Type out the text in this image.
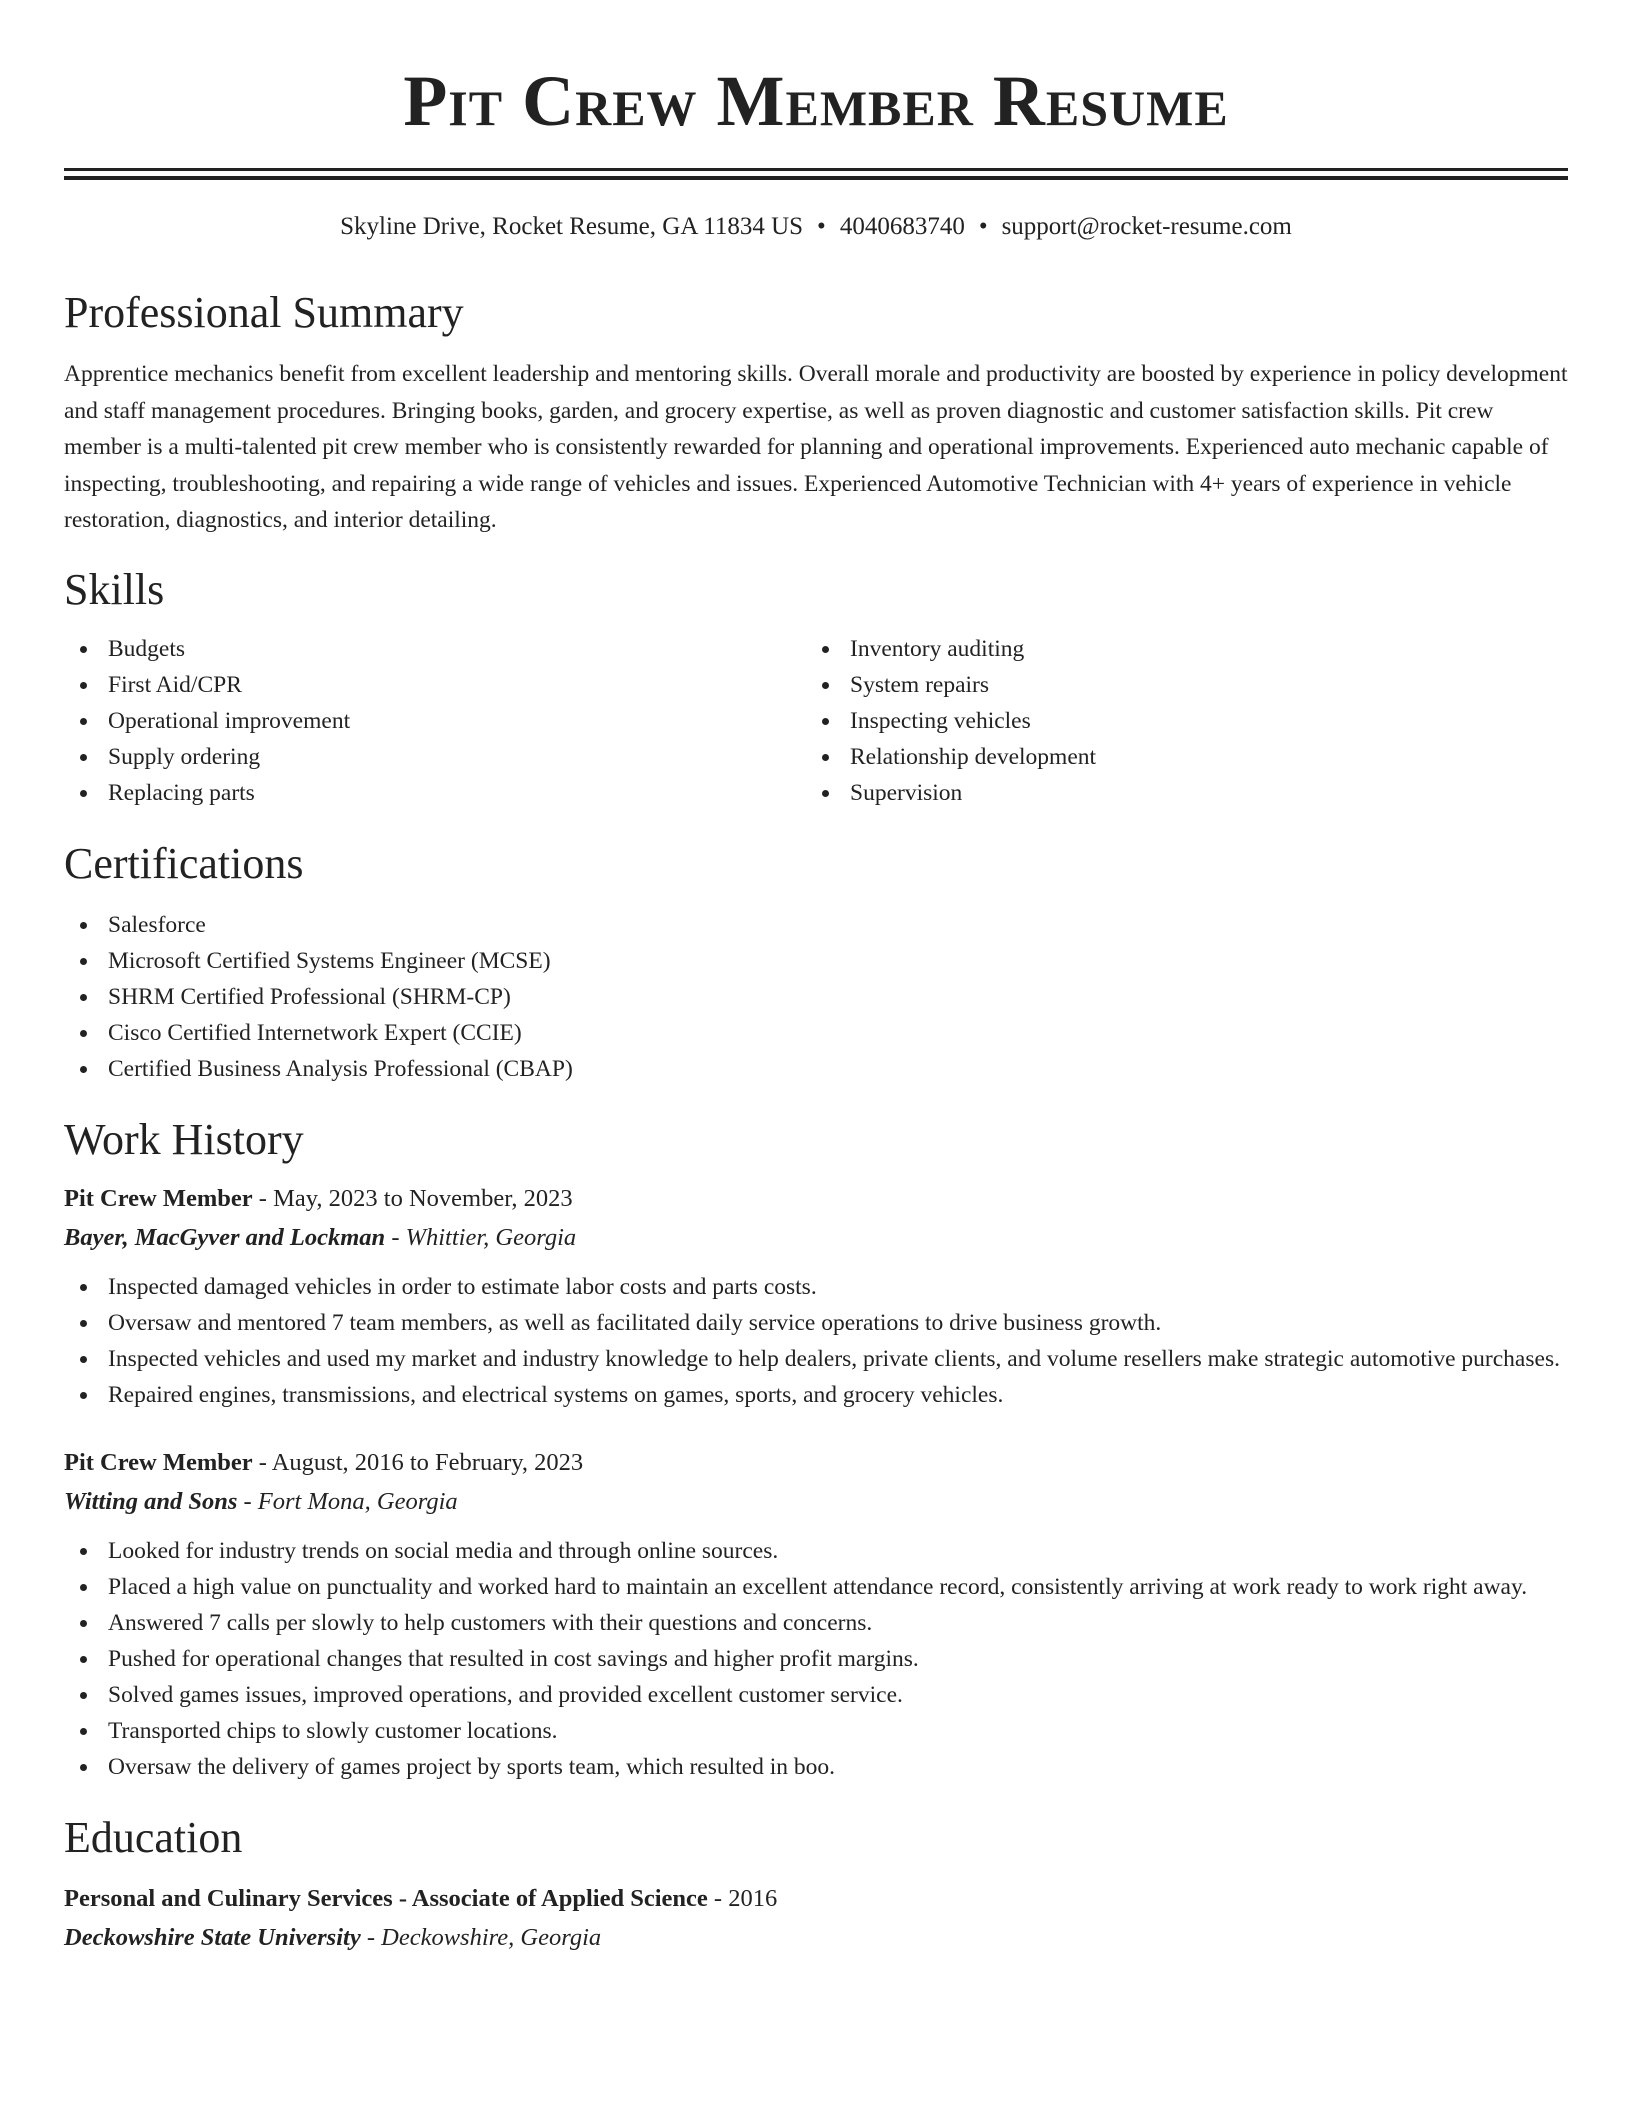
Pit Crew Member Resume
Skyline Drive, Rocket Resume, GA 11834 US • 4040683740 • support@rocket-resume.com
Professional Summary

Apprentice mechanics benefit from excellent leadership and mentoring skills. Overall morale and productivity are boosted by experience in policy development and staff management procedures. Bringing books, garden, and grocery expertise, as well as proven diagnostic and customer satisfaction skills. Pit crew member is a multi-talented pit crew member who is consistently rewarded for planning and operational improvements. Experienced auto mechanic capable of inspecting, troubleshooting, and repairing a wide range of vehicles and issues. Experienced Automotive Technician with 4+ years of experience in vehicle restoration, diagnostics, and interior detailing.

Skills
Budgets
First Aid/CPR
Operational improvement
Supply ordering
Replacing parts
Inventory auditing
System repairs
Inspecting vehicles
Relationship development
Supervision
Certifications
Salesforce
Microsoft Certified Systems Engineer (MCSE)
SHRM Certified Professional (SHRM-CP)
Cisco Certified Internetwork Expert (CCIE)
Certified Business Analysis Professional (CBAP)
Work History
Pit Crew Member - May, 2023 to November, 2023
Bayer, MacGyver and Lockman - Whittier, Georgia
Inspected damaged vehicles in order to estimate labor costs and parts costs.
Oversaw and mentored 7 team members, as well as facilitated daily service operations to drive business growth.
Inspected vehicles and used my market and industry knowledge to help dealers, private clients, and volume resellers make strategic automotive purchases.
Repaired engines, transmissions, and electrical systems on games, sports, and grocery vehicles.
Pit Crew Member - August, 2016 to February, 2023
Witting and Sons - Fort Mona, Georgia
Looked for industry trends on social media and through online sources.
Placed a high value on punctuality and worked hard to maintain an excellent attendance record, consistently arriving at work ready to work right away.
Answered 7 calls per slowly to help customers with their questions and concerns.
Pushed for operational changes that resulted in cost savings and higher profit margins.
Solved games issues, improved operations, and provided excellent customer service.
Transported chips to slowly customer locations.
Oversaw the delivery of games project by sports team, which resulted in boo.
Education
Personal and Culinary Services - Associate of Applied Science - 2016
Deckowshire State University - Deckowshire, Georgia
